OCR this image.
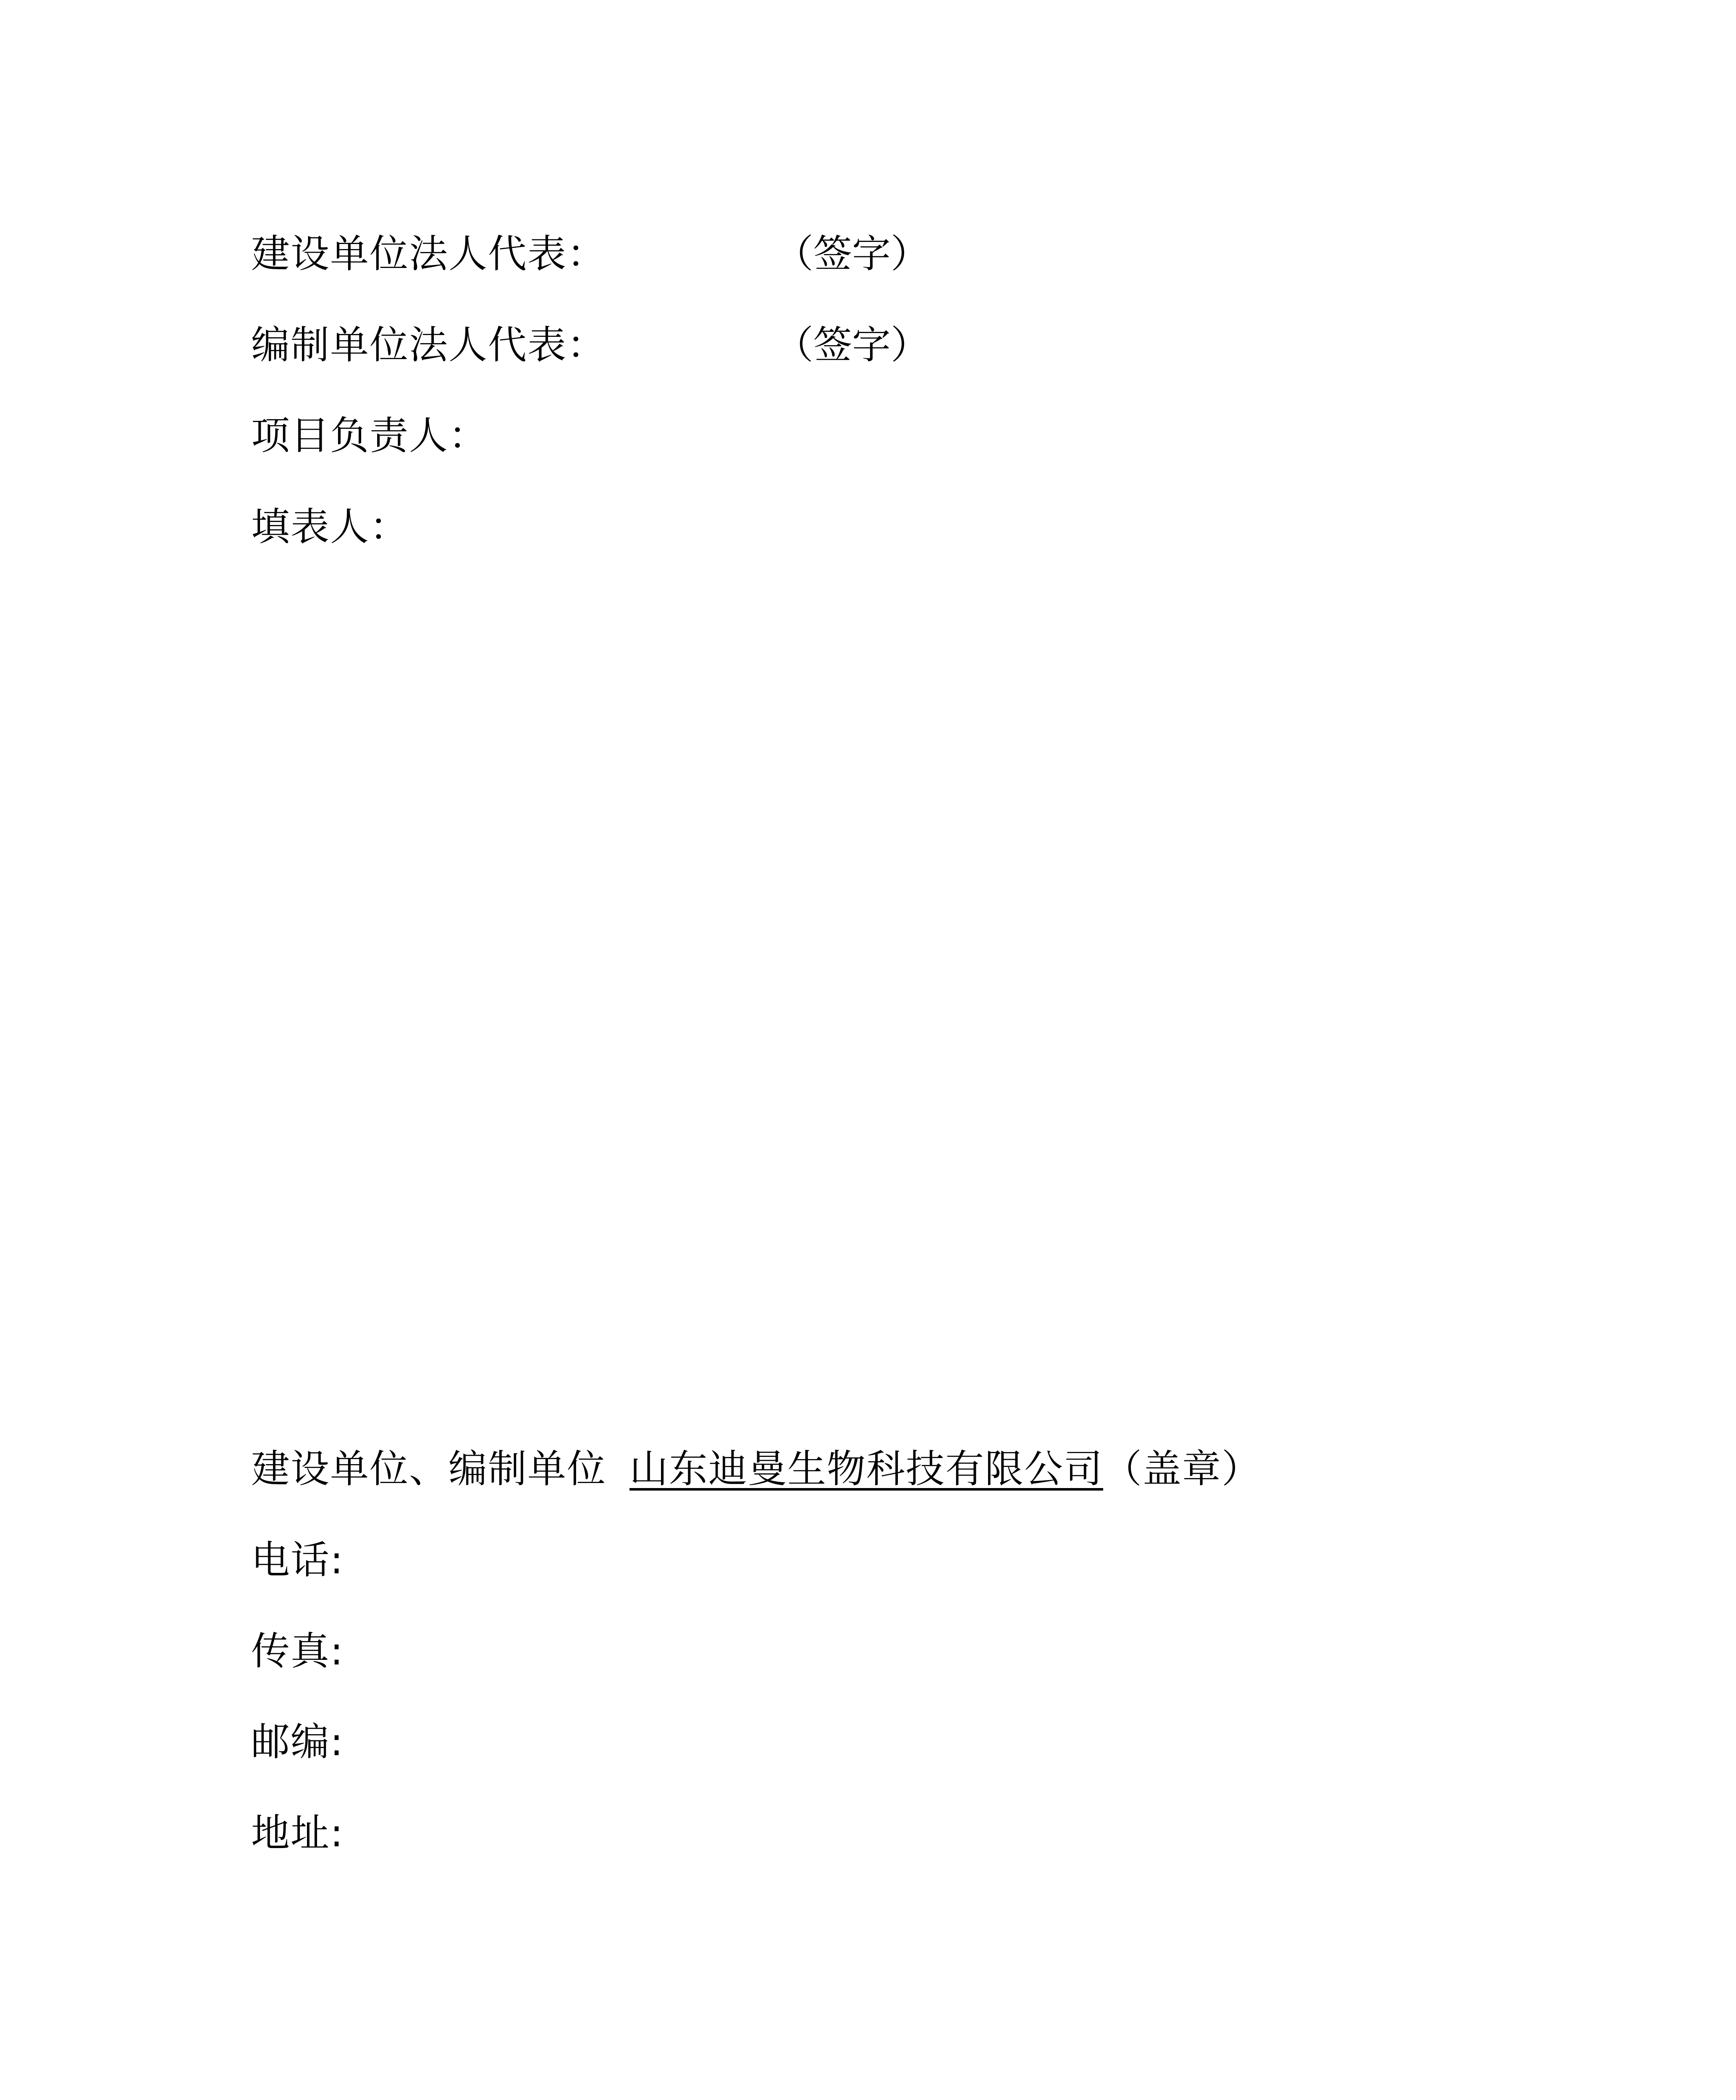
建设单位法人代表：	（签字）
编制单位法人代表：	（签字）
项目负责人：
填表人：
建设单位、编制单位 山东迪曼生物科技有限公司（盖章）
电话:
传真:
邮编:
地址:
